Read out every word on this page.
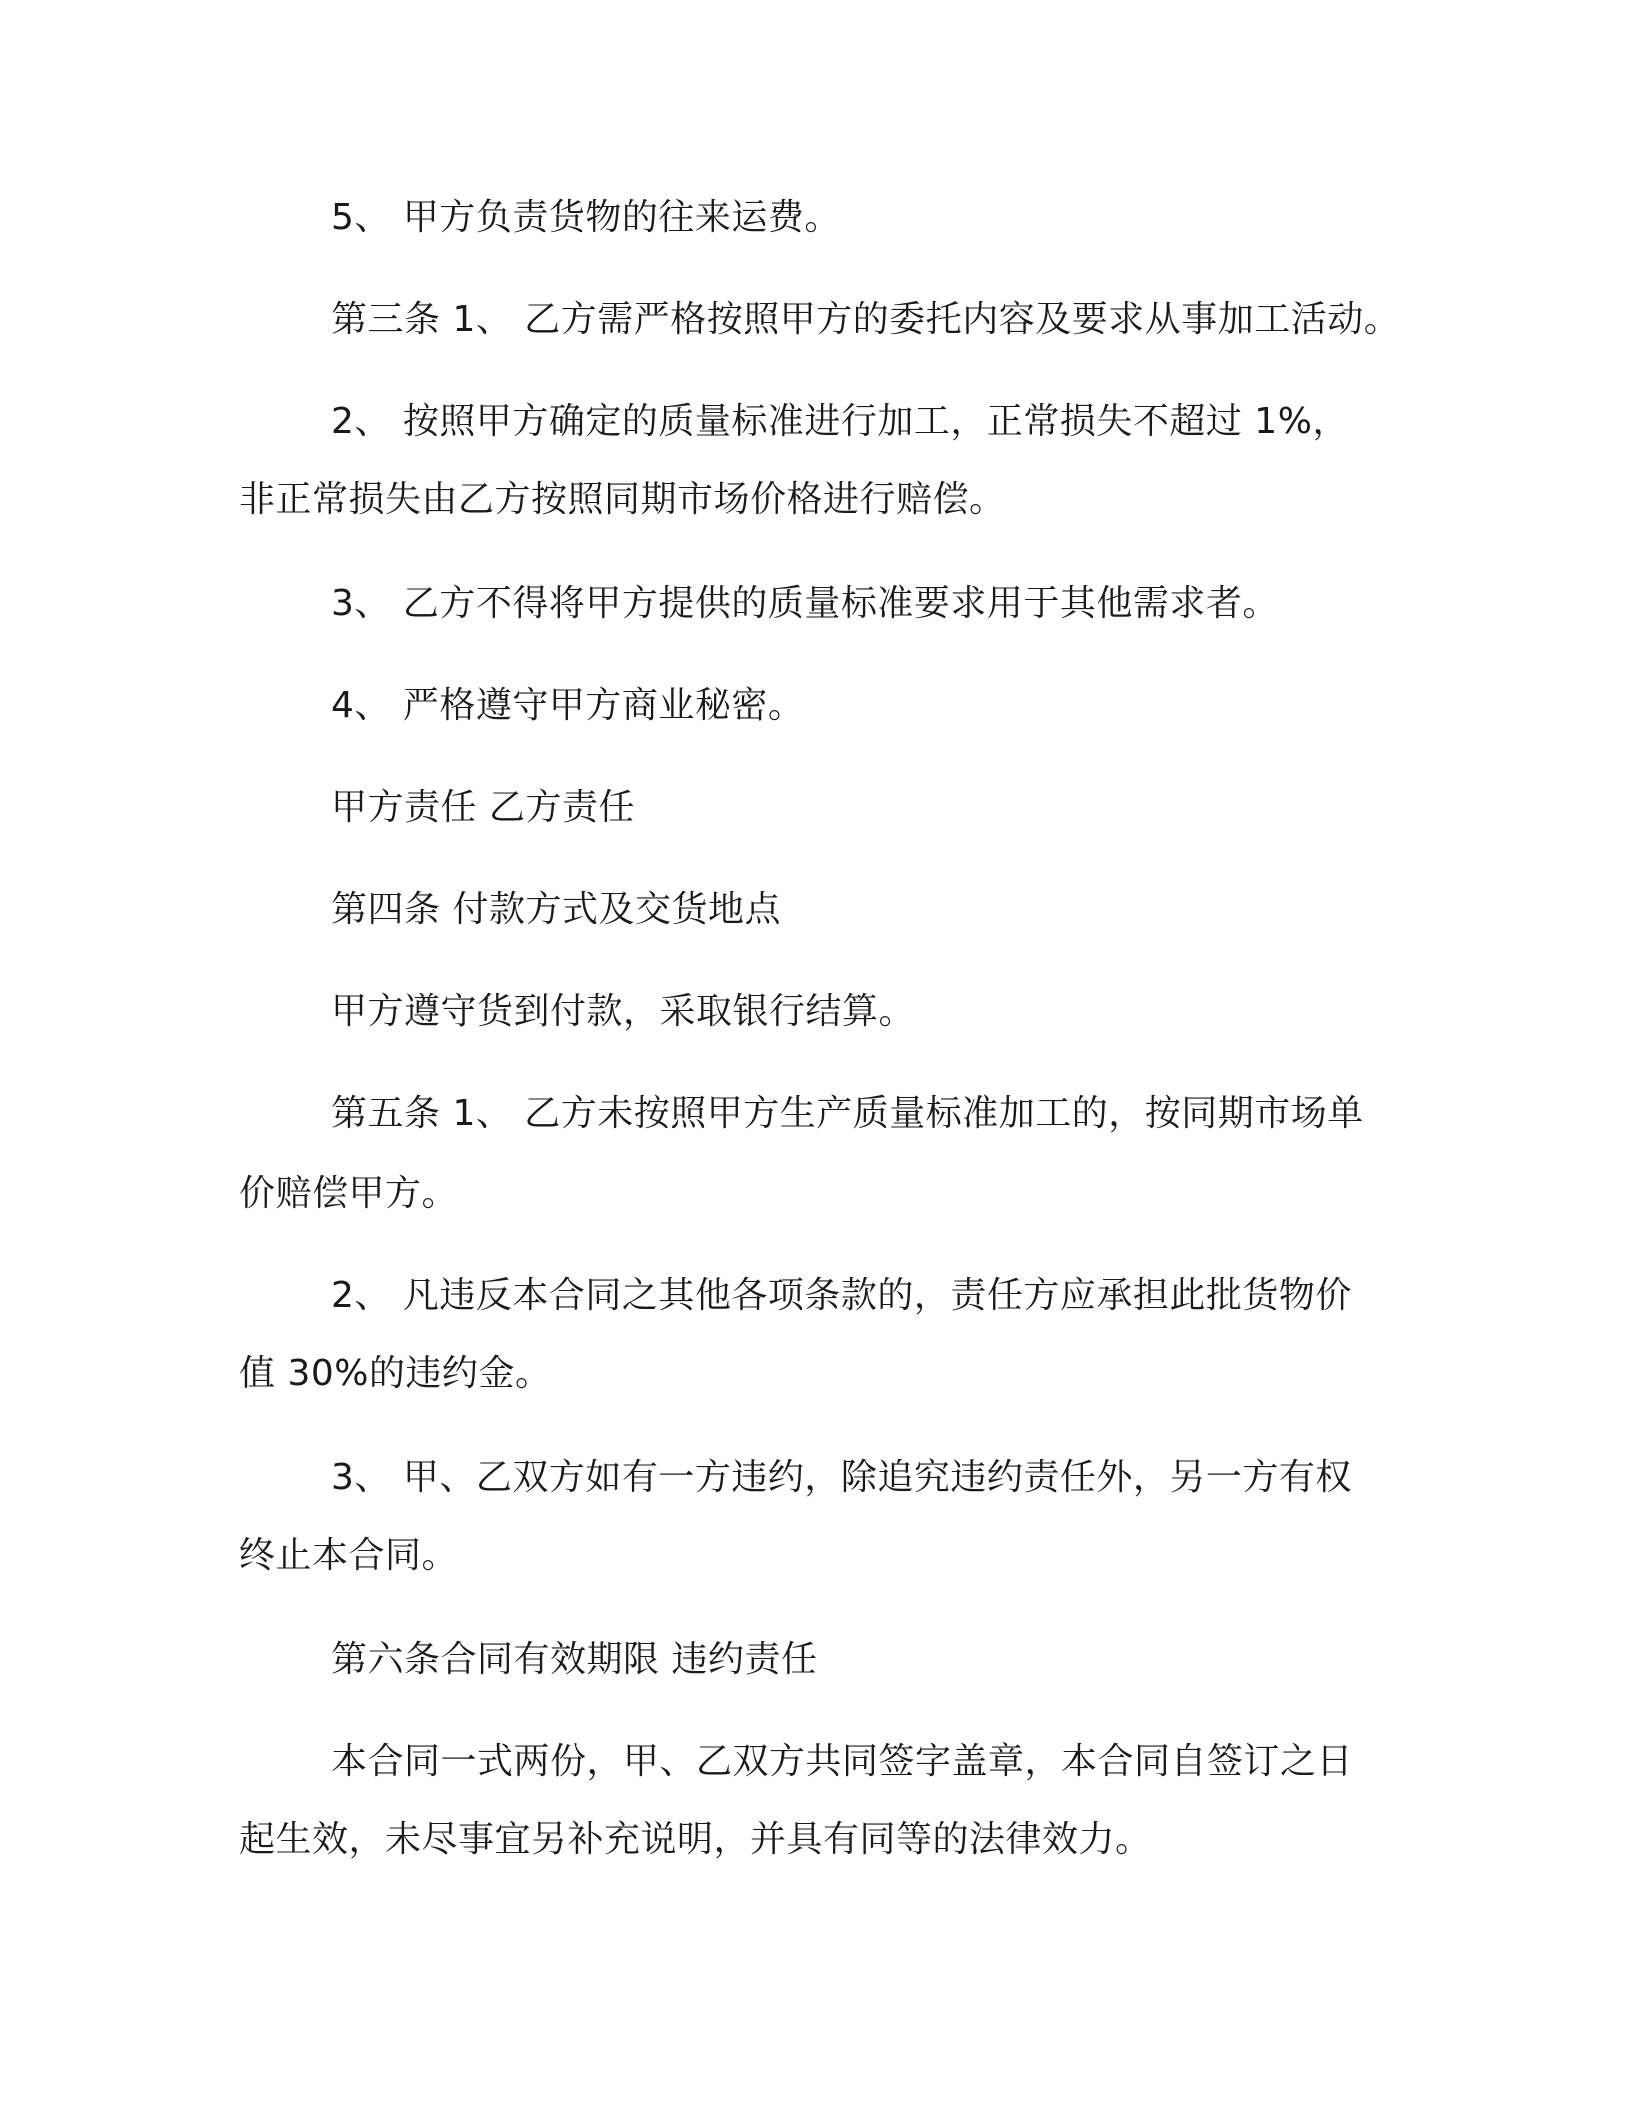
5、 甲方负责货物的往来运费。
第三条 1、 乙方需严格按照甲方的委托内容及要求从事加工活动。
2、 按照甲方确定的质量标准进行加工，正常损失不超过 1%，
非正常损失由乙方按照同期市场价格进行赔偿。
3、 乙方不得将甲方提供的质量标准要求用于其他需求者。
4、 严格遵守甲方商业秘密。
甲方责任 乙方责任
第四条 付款方式及交货地点
甲方遵守货到付款，采取银行结算。
第五条 1、 乙方未按照甲方生产质量标准加工的，按同期市场单
价赔偿甲方。
2、 凡违反本合同之其他各项条款的，责任方应承担此批货物价
值 30%的违约金。
3、 甲、乙双方如有一方违约，除追究违约责任外，另一方有权
终止本合同。
第六条合同有效期限 违约责任
本合同一式两份，甲、乙双方共同签字盖章，本合同自签订之日
起生效，未尽事宜另补充说明，并具有同等的法律效力。
